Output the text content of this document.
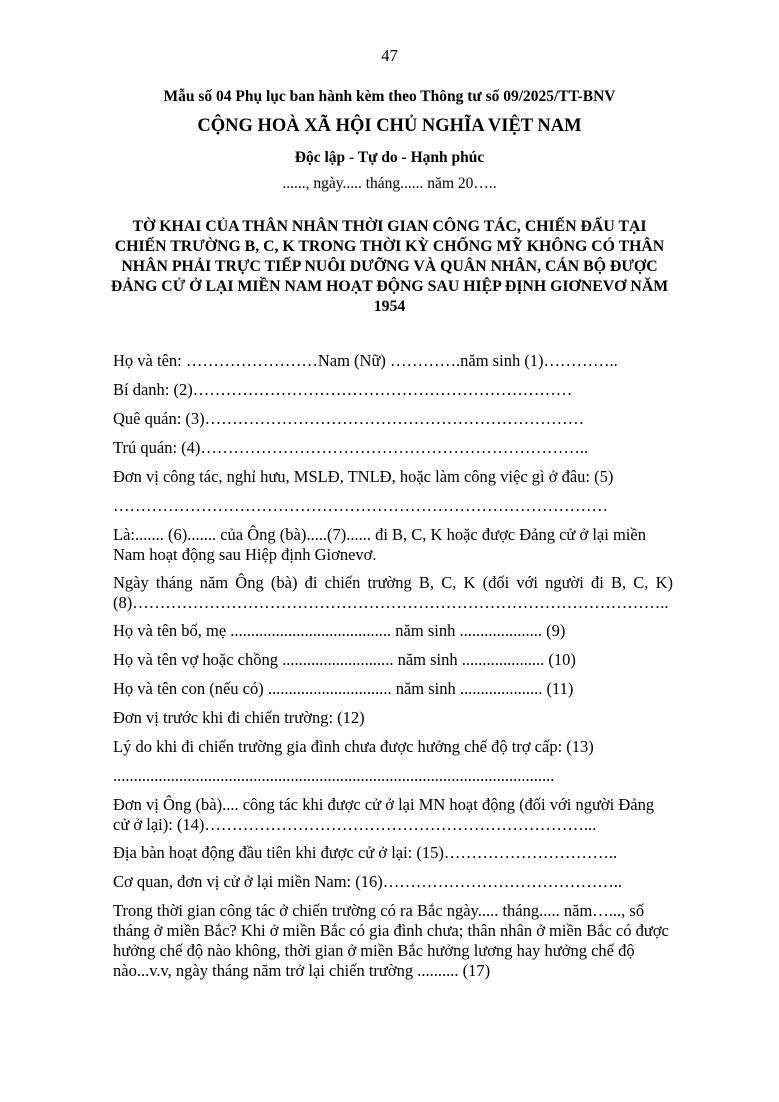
47
Mẫu số 04 Phụ lục ban hành kèm theo Thông tư số 09/2025/TT-BNV
CỘNG HOÀ XÃ HỘI CHỦ NGHĨA VIỆT NAM
Độc lập - Tự do - Hạnh phúc
......, ngày..... tháng...... năm 20…..
TỜ KHAI CỦA THÂN NHÂN THỜI GIAN CÔNG TÁC, CHIẾN ĐẤU TẠI
CHIẾN TRƯỜNG B, C, K TRONG THỜI KỲ CHỐNG MỸ KHÔNG CÓ THÂN
NHÂN PHẢI TRỰC TIẾP NUÔI DƯỠNG VÀ QUÂN NHÂN, CÁN BỘ ĐƯỢC
ĐẢNG CỬ Ở LẠI MIỀN NAM HOẠT ĐỘNG SAU HIỆP ĐỊNH GIƠNEVƠ NĂM
1954
Họ và tên: ……………………Nam (Nữ) ………….năm sinh (1)…………..
Bí danh: (2)……………………………………………………………
Quê quán: (3)……………………………………………………………
Trú quán: (4)……………………………………………………………..
Đơn vị công tác, nghỉ hưu, MSLĐ, TNLĐ, hoặc làm công việc gì ở đâu: (5)
………………………………………………………………………………
Là:....... (6)....... của Ông (bà).....(7)...... đi B, C, K hoặc được Đảng cử ở lại miền Nam hoạt động sau Hiệp định Giơnevơ.
Ngày tháng năm Ông (bà) đi chiến trường B, C, K (đối với người đi B, C, K) (8)……………………………………………………………………………………..
Họ và tên bố, mẹ ....................................... năm sinh .................... (9)
Họ và tên vợ hoặc chồng ........................... năm sinh .................... (10)
Họ và tên con (nếu có) .............................. năm sinh .................... (11)
Đơn vị trước khi đi chiến trường: (12)
Lý do khi đi chiến trường gia đình chưa được hưởng chế độ trợ cấp: (13)
...........................................................................................................
Đơn vị Ông (bà).... công tác khi được cử ở lại MN hoạt động (đối với người Đảng cử ở lại): (14)……………………………………………………………...
Địa bàn hoạt động đầu tiên khi được cử ở lại: (15)…………………………..
Cơ quan, đơn vị cử ở lại miền Nam: (16)……………………………………..
Trong thời gian công tác ở chiến trường có ra Bắc ngày..... tháng..... năm…..., số tháng ở miền Bắc? Khi ở miền Bắc có gia đình chưa; thân nhân ở miền Bắc có được hưởng chế độ nào không, thời gian ở miền Bắc hưởng lương hay hưởng chế độ nào...v.v, ngày tháng năm trở lại chiến trường .......... (17)
